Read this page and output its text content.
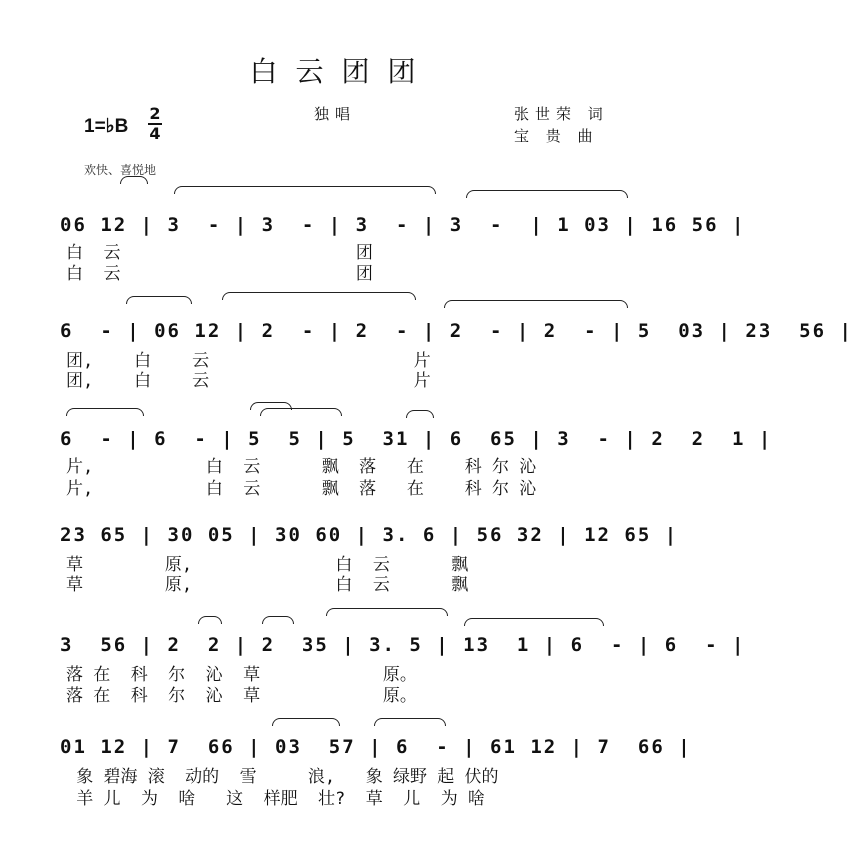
白云团团
1=♭B
2
4
独唱	张世荣 词
宝 贵 曲
欢快、喜悦地
06 12 | 3  - | 3  - | 3  - | 3  -  | 1 03 | 16 56 |
白  云                       团
白  云                       团
6  - | 06 12 | 2  - | 2  - | 2  - | 2  - | 5  03 | 23  56 |
团,    白    云                    片
团,    白    云                    片
6  - | 6  - | 5  5 | 5  31 | 6  65 | 3  - | 2  2  1 |
片,           白  云      飘  落   在    科 尔 沁
片,           白  云      飘  落   在    科 尔 沁
23 65 | 30 05 | 30 60 | 3. 6 | 56 32 | 12 65 |
草        原,              白  云      飘
草        原,              白  云      飘
3  56 | 2  2 | 2  35 | 3. 5 | 13  1 | 6  - | 6  - |
落 在  科  尔  沁  草            原。
落 在  科  尔  沁  草            原。
01 12 | 7  66 | 03  57 | 6  - | 61 12 | 7  66 |
象 碧海 滚  动的  雪     浪,   象 绿野 起 伏的
羊 儿  为  啥   这  样肥  壮?  草  儿  为 啥
